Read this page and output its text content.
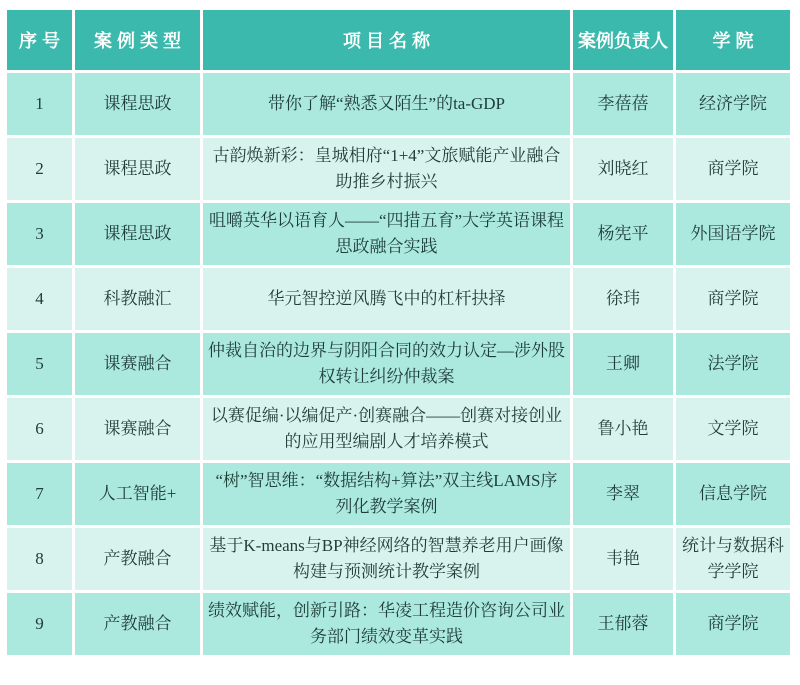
序号	案例类型	项目名称	案例负责人	学院
1	课程思政	带你了解“熟悉又陌生”的ta-GDP	李蓓蓓	经济学院
2	课程思政	古韵焕新彩：皇城相府“1+4”文旅赋能产业融合助推乡村振兴	刘晓红	商学院
3	课程思政	咀嚼英华以语育人——“四措五育”大学英语课程思政融合实践	杨宪平	外国语学院
4	科教融汇	华元智控逆风腾飞中的杠杆抉择	徐玮	商学院
5	课赛融合	仲裁自治的边界与阴阳合同的效力认定—涉外股权转让纠纷仲裁案	王卿	法学院
6	课赛融合	以赛促编·以编促产·创赛融合——创赛对接创业的应用型编剧人才培养模式	鲁小艳	文学院
7	人工智能+	“树”智思维：“数据结构+算法”双主线LAMS序列化教学案例	李翠	信息学院
8	产教融合	基于K-means与BP神经网络的智慧养老用户画像构建与预测统计教学案例	韦艳	统计与数据科学学院
9	产教融合	绩效赋能，创新引路：华凌工程造价咨询公司业务部门绩效变革实践	王郁蓉	商学院
